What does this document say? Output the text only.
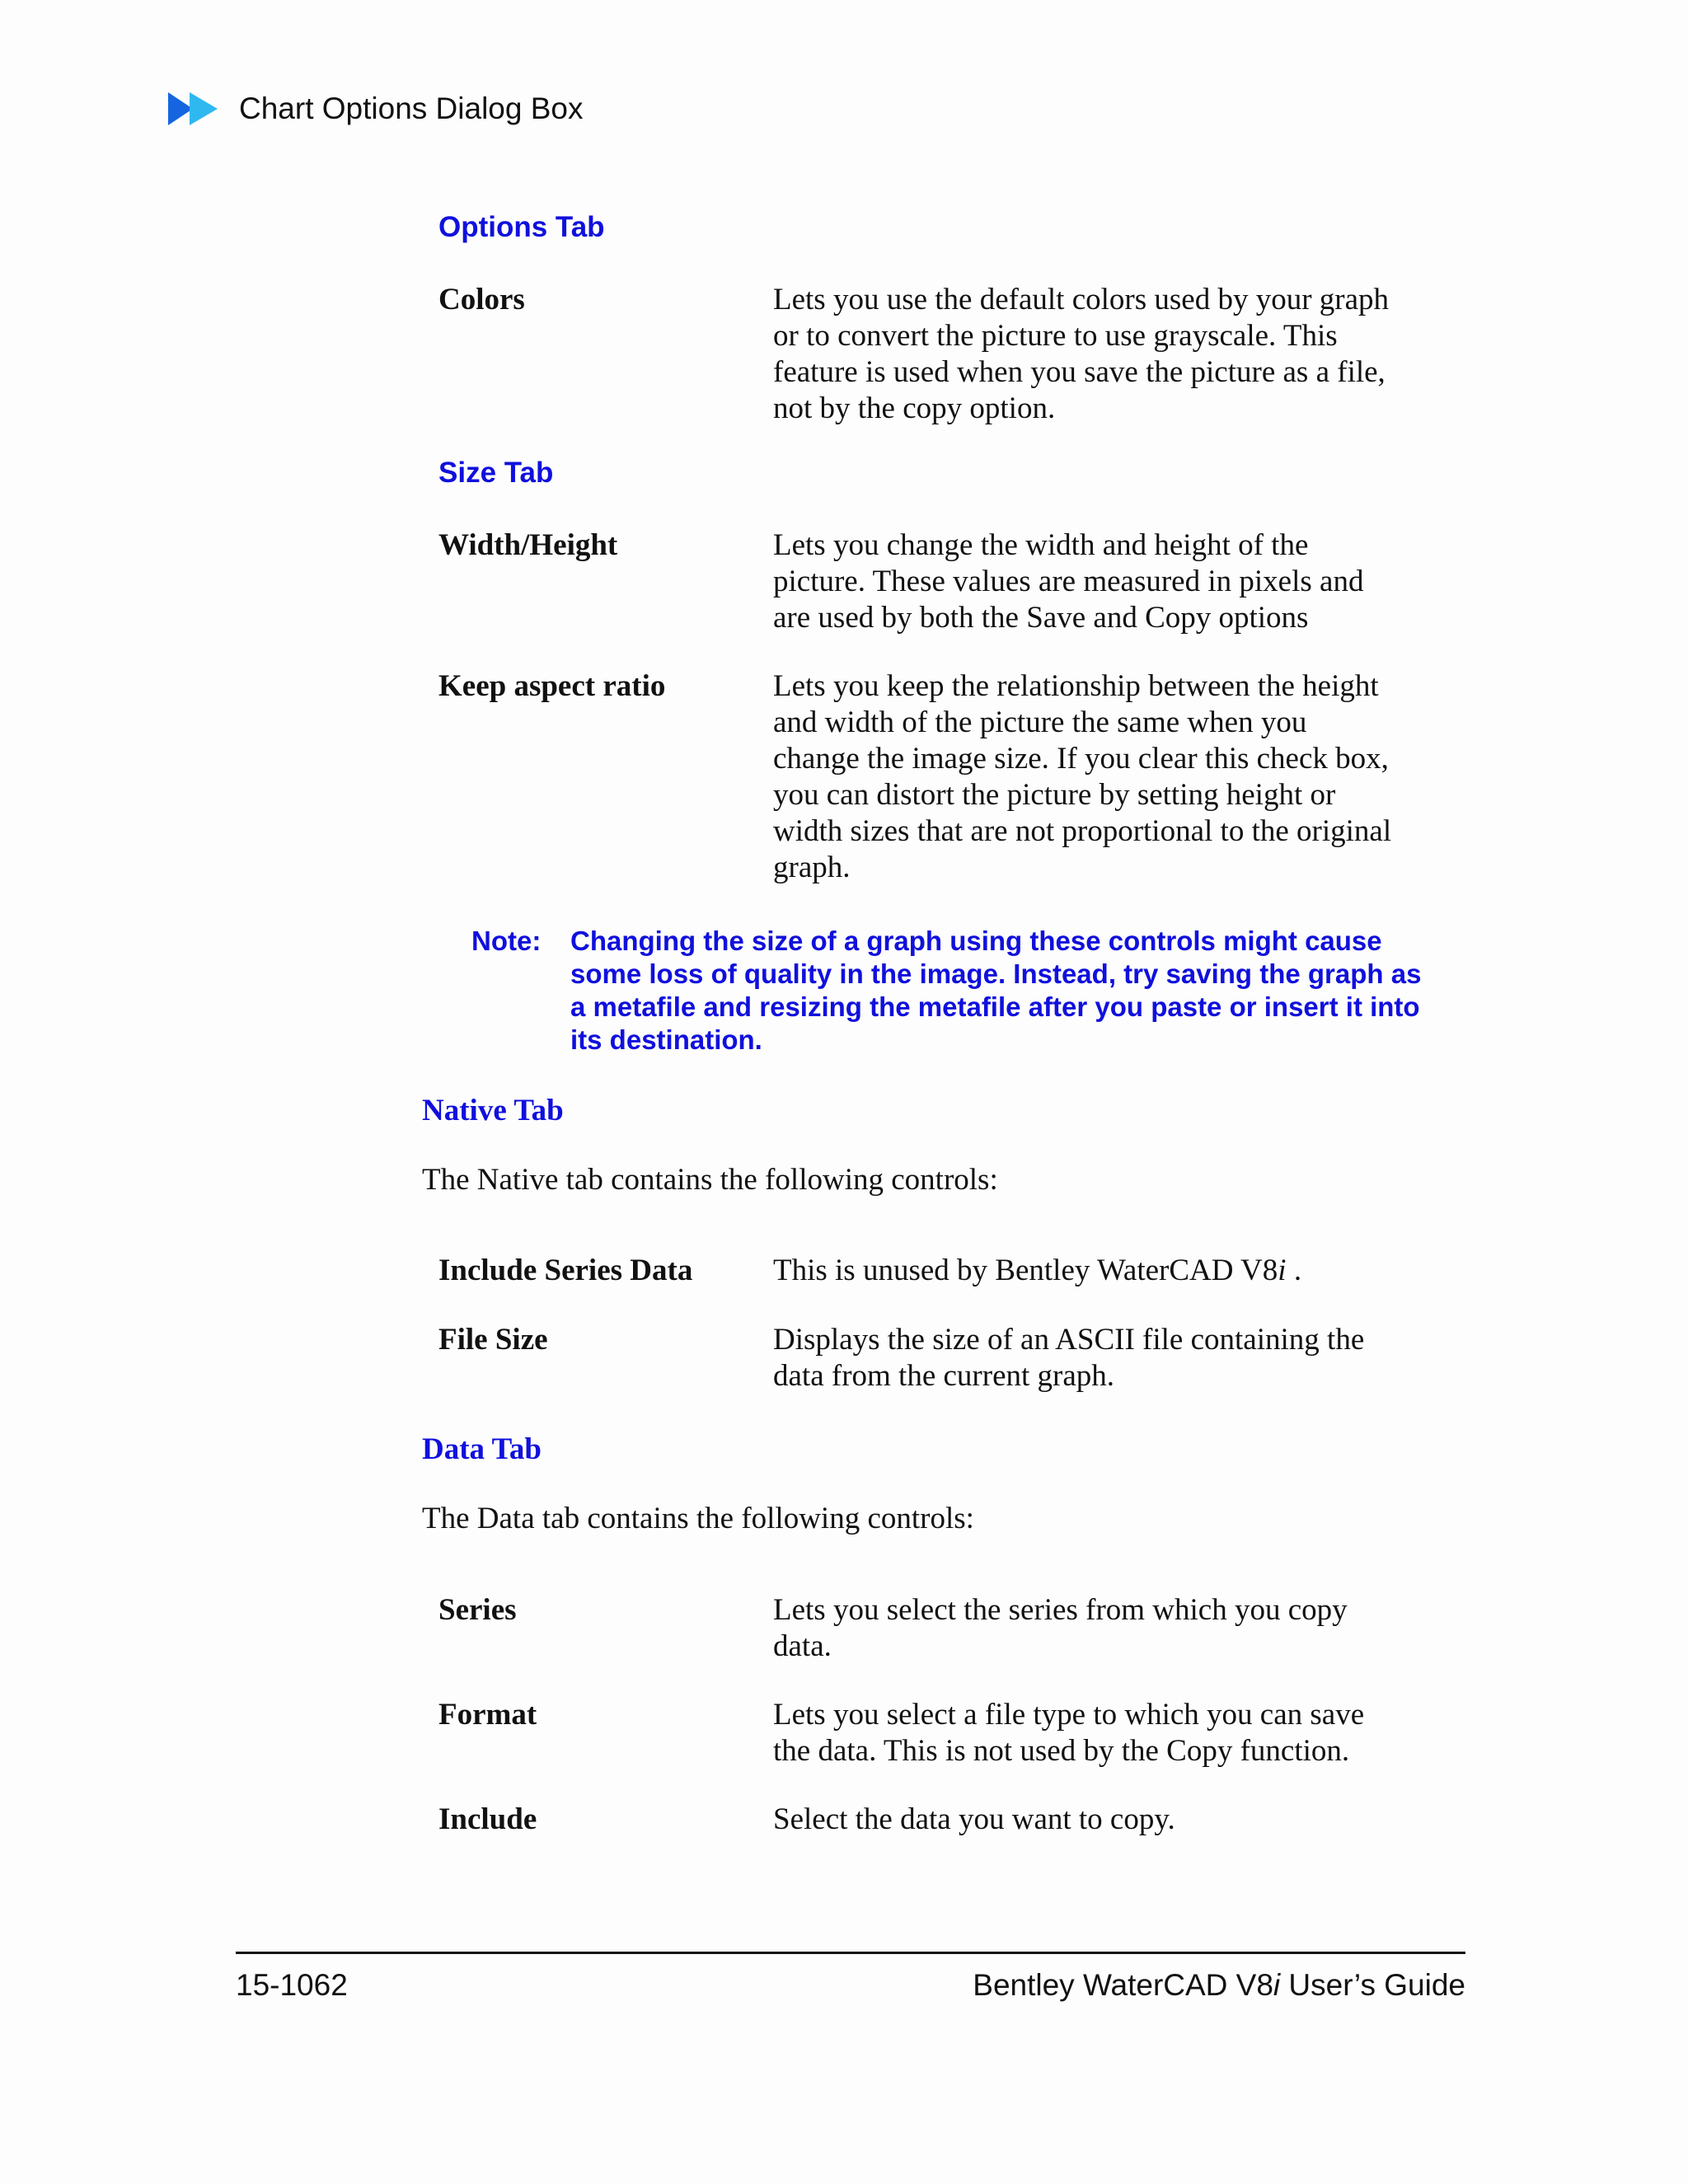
Chart Options Dialog Box
Options Tab
Colors	Lets you use the default colors used by your graph or to convert the picture to use grayscale. This feature is used when you save the picture as a file, not by the copy option.
Size Tab
Width/Height	Lets you change the width and height of the picture. These values are measured in pixels and are used by both the Save and Copy options
Keep aspect ratio	Lets you keep the relationship between the height and width of the picture the same when you change the image size. If you clear this check box, you can distort the picture by setting height or width sizes that are not proportional to the original graph.
Note: Changing the size of a graph using these controls might cause some loss of quality in the image. Instead, try saving the graph as a metafile and resizing the metafile after you paste or insert it into its destination.
Native Tab
The Native tab contains the following controls:
Include Series Data	This is unused by Bentley WaterCAD V8i .
File Size	Displays the size of an ASCII file containing the data from the current graph.
Data Tab
The Data tab contains the following controls:
Series	Lets you select the series from which you copy data.
Format	Lets you select a file type to which you can save the data. This is not used by the Copy function.
Include	Select the data you want to copy.
15-1062	Bentley WaterCAD V8i User’s Guide
